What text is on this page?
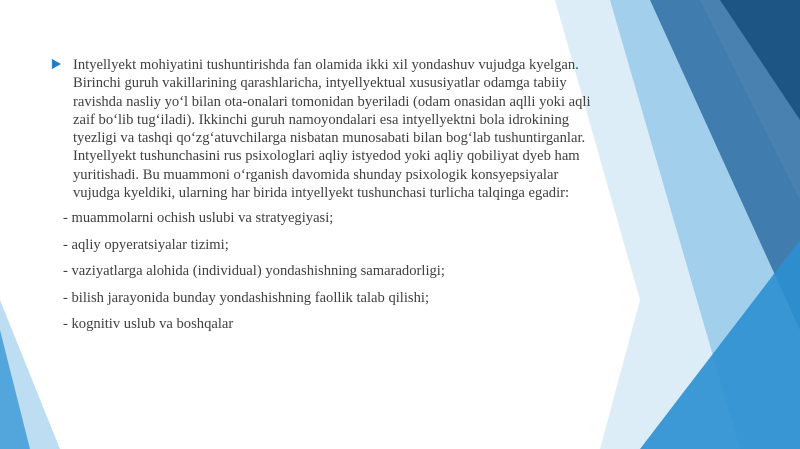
Intyellyekt mohiyatini tushuntirishda fan olamida ikki xil yondashuv vujudga kyelgan. Birinchi guruh vakillarining qarashlaricha, intyellyektual xususiyatlar odamga tabiiy ravishda nasliy yoʻl bilan ota-onalari tomonidan byeriladi (odam onasidan aqlli yoki aqli zaif boʻlib tugʻiladi). Ikkinchi guruh namoyondalari esa intyellyektni bola idrokining tyezligi va tashqi qoʻzgʻatuvchilarga nisbatan munosabati bilan bogʻlab tushuntirganlar. Intyellyekt tushunchasini rus psixologlari aqliy istyedod yoki aqliy qobiliyat dyeb ham yuritishadi. Bu muammoni oʻrganish davomida shunday psixologik konsyepsiyalar vujudga kyeldiki, ularning har birida intyellyekt tushunchasi turlicha talqinga egadir:

- muammolarni ochish uslubi va stratyegiyasi;
- aqliy opyeratsiyalar tizimi;
- vaziyatlarga alohida (individual) yondashishning samaradorligi;
- bilish jarayonida bunday yondashishning faollik talab qilishi;
- kognitiv uslub va boshqalar
